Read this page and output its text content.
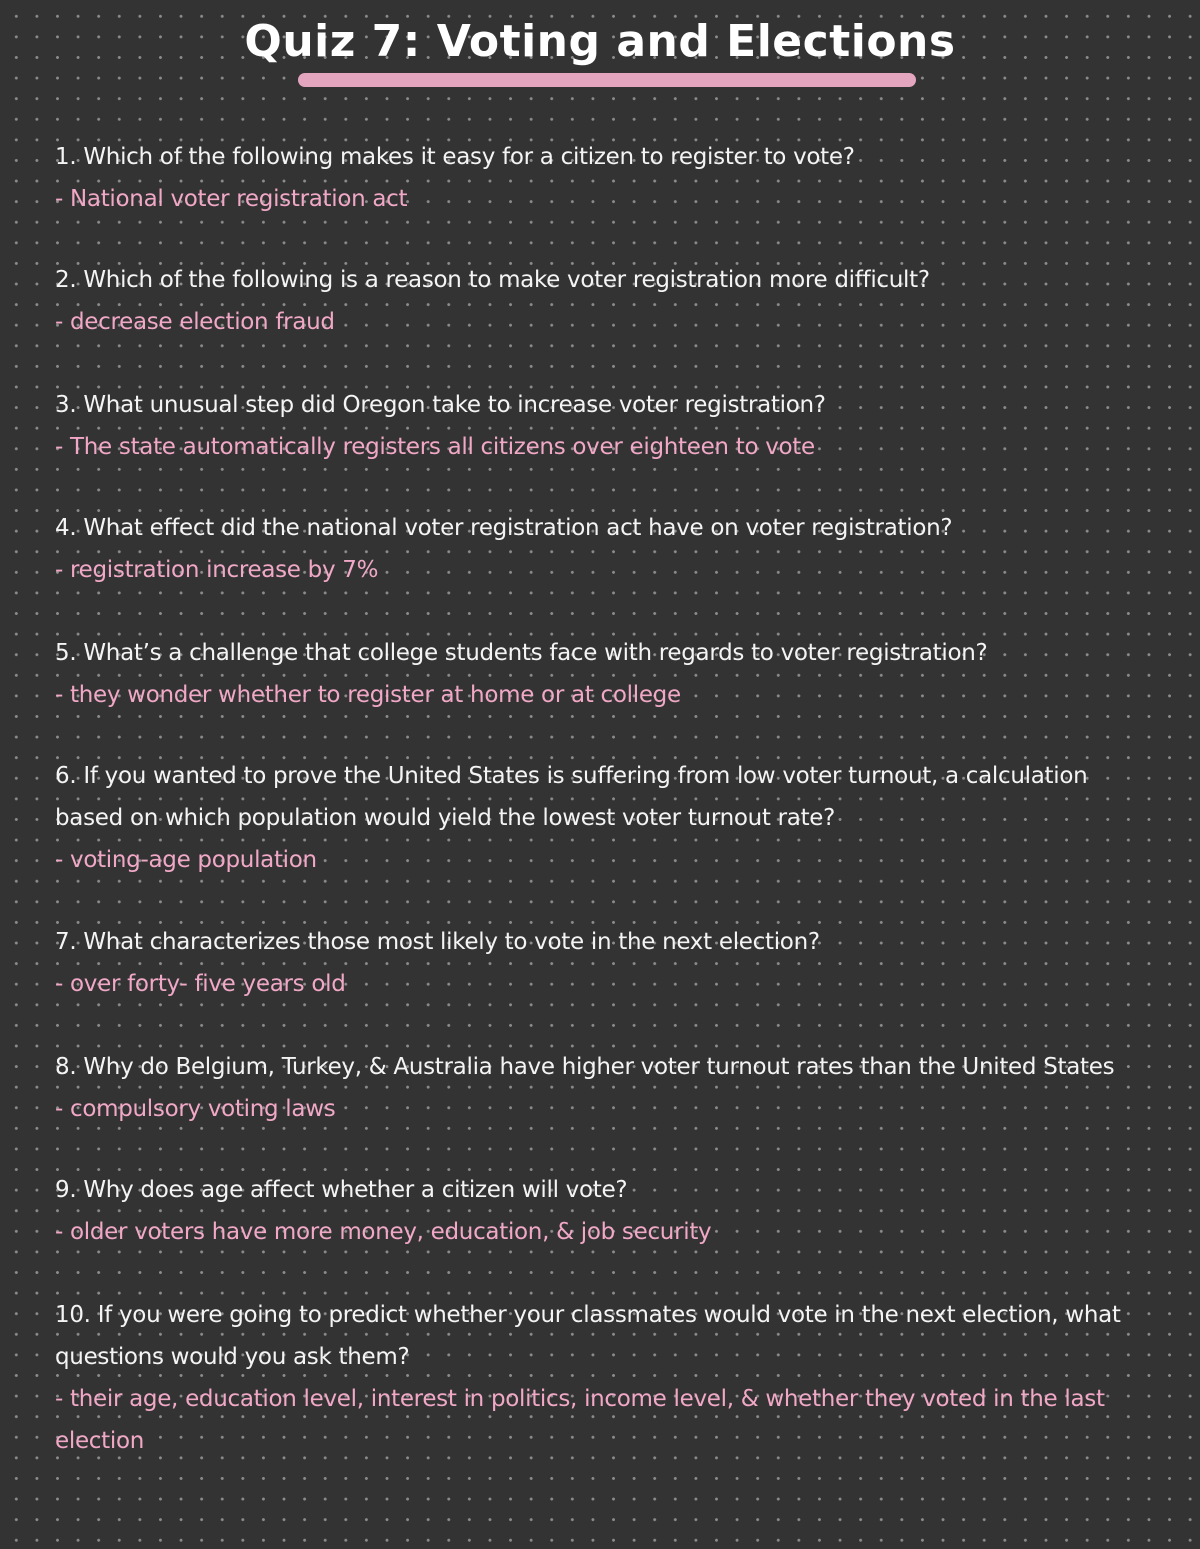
Quiz 7: Voting and Elections

1. Which of the following makes it easy for a citizen to register to vote?

- National voter registration act

2. Which of the following is a reason to make voter registration more difficult?

- decrease election fraud

3. What unusual step did Oregon take to increase voter registration?

- The state automatically registers all citizens over eighteen to vote

4. What effect did the national voter registration act have on voter registration?

- registration increase by 7%

5. What’s a challenge that college students face with regards to voter registration?

- they wonder whether to register at home or at college

6. If you wanted to prove the United States is suffering from low voter turnout, a calculation based on which population would yield the lowest voter turnout rate?

- voting-age population

7. What characterizes those most likely to vote in the next election?

- over forty- five years old

8. Why do Belgium, Turkey, & Australia have higher voter turnout rates than the United States

- compulsory voting laws

9. Why does age affect whether a citizen will vote?

- older voters have more money, education, & job security

10. If you were going to predict whether your classmates would vote in the next election, what questions would you ask them?

- their age, education level, interest in politics, income level, & whether they voted in the last election
